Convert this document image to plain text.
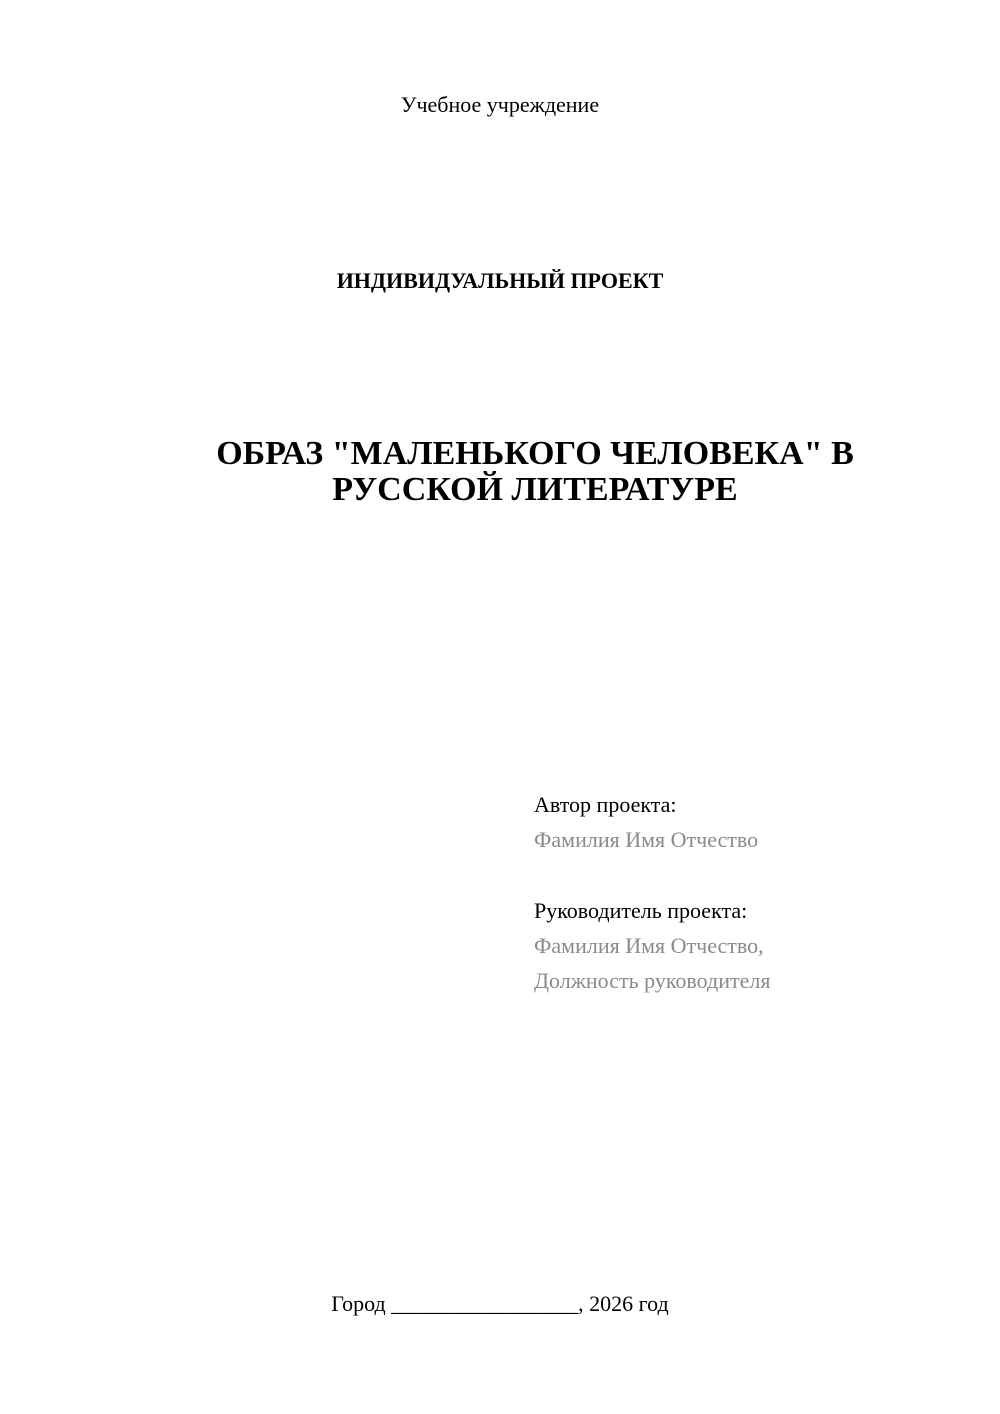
Учебное учреждение
ИНДИВИДУАЛЬНЫЙ ПРОЕКТ
ОБРАЗ "МАЛЕНЬКОГО ЧЕЛОВЕКА" В
РУССКОЙ ЛИТЕРАТУРЕ
Автор проекта:
Фамилия Имя Отчество
Руководитель проекта:
Фамилия Имя Отчество,
Должность руководителя
Город _________________, 2026 год
